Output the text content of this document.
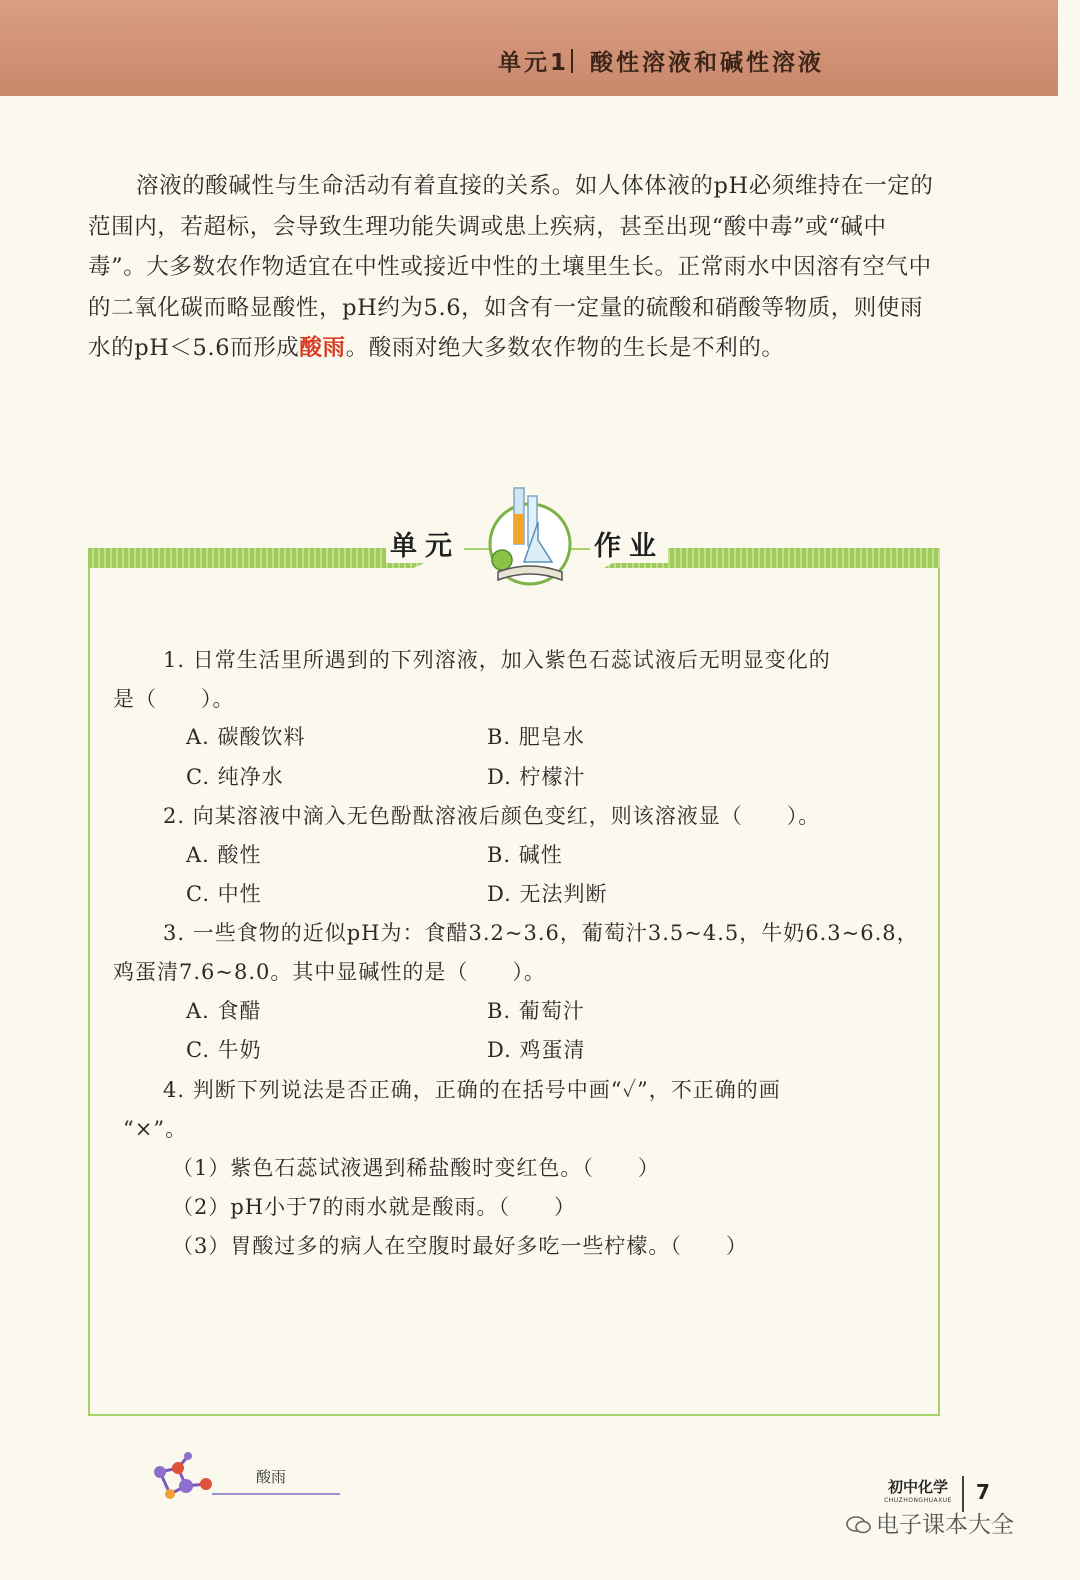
单元1 酸性溶液和碱性溶液
溶液的酸碱性与生命活动有着直接的关系。如人体体液的pH必须维持在一定的范围内，若超标，会导致生理功能失调或患上疾病，甚至出现“酸中毒”或“碱中毒”。大多数农作物适宜在中性或接近中性的土壤里生长。正常雨水中因溶有空气中的二氧化碳而略显酸性，pH约为5.6，如含有一定量的硫酸和硝酸等物质，则使雨水的pH＜5.6而形成酸雨。酸雨对绝大多数农作物的生长是不利的。
单元	作业
1. 日常生活里所遇到的下列溶液，加入紫色石蕊试液后无明显变化的
是（　　）。
A. 碳酸饮料	B. 肥皂水
C. 纯净水	D. 柠檬汁
2. 向某溶液中滴入无色酚酞溶液后颜色变红，则该溶液显（　　）。
A. 酸性	B. 碱性
C. 中性	D. 无法判断
3. 一些食物的近似pH为：食醋3.2~3.6，葡萄汁3.5~4.5，牛奶6.3~6.8，
鸡蛋清7.6~8.0。其中显碱性的是（　　）。
A. 食醋	B. 葡萄汁
C. 牛奶	D. 鸡蛋清
4. 判断下列说法是否正确，正确的在括号中画“✓”，不正确的画
“×”。
（1）紫色石蕊试液遇到稀盐酸时变红色。（　　）
（2）pH小于7的雨水就是酸雨。（　　）
（3）胃酸过多的病人在空腹时最好多吃一些柠檬。（　　）
酸雨
初中化学
CHUZHONGHUAXUE	7
电子课本大全
